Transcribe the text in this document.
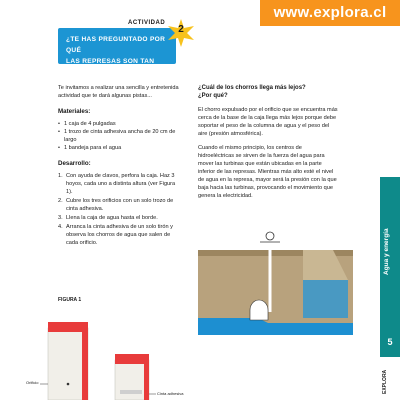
www.explora.cl
ACTIVIDAD
¿TE HAS PREGUNTADO POR QUÉ
LAS REPRESAS SON TAN ALTAS?
2
Te invitamos a realizar una sencilla y entretenida actividad que te dará algunas pistas...
Materiales:
• 1 caja de 4 pulgadas
• 1 trozo de cinta adhesiva ancha de 20 cm de largo
• 1 bandeja para el agua
Desarrollo:
1. Con ayuda de clavos, perfora la caja. Haz 3 hoyos, cada uno a distinta altura (ver Figura 1).
2. Cubre los tres orificios con un solo trozo de cinta adhesiva.
3. Llena la caja de agua hasta el borde.
4. Arranca la cinta adhesiva de un solo tirón y observa los chorros de agua que salen de cada orificio.
FIGURA 1
¿Cuál de los chorros llega más lejos?
¿Por qué?
El chorro expulsado por el orificio que se encuentra más cerca de la base de la caja llega más lejos porque debe soportar el peso de la columna de agua y el peso del aire (presión atmosférica).
Cuando el mismo principio, los centros de hidroeléctricas se sirven de la fuerza del agua para mover las turbinas que están ubicadas en la parte inferior de las represas. Mientras más alto esté el nivel de agua en la represa, mayor será la presión con la que baja hacia las turbinas, provocando el movimiento que genera la electricidad.
Orificio
Cinta adhesiva
Agua y energía
5
EXPLORA
